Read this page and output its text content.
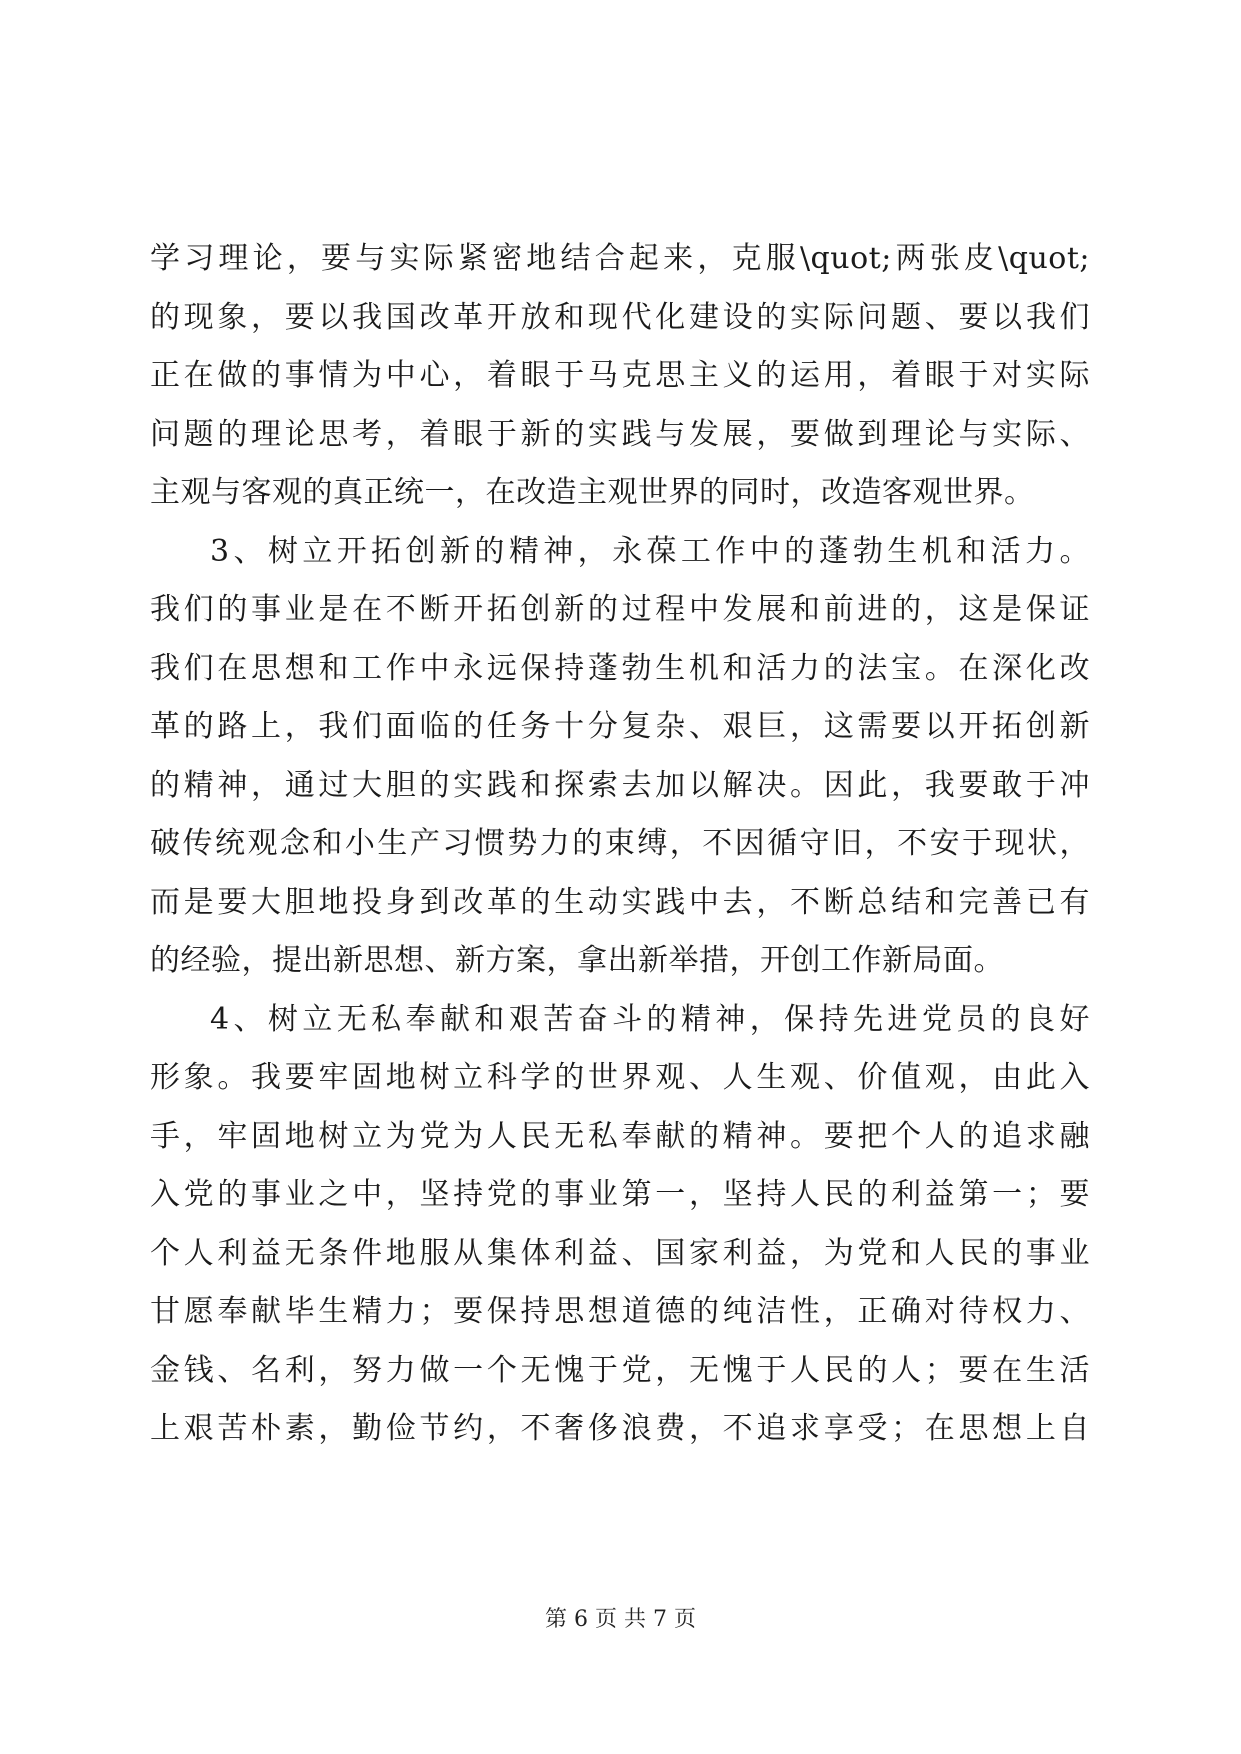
学习理论，要与实际紧密地结合起来，克服\quot;两张皮\quot;
的现象，要以我国改革开放和现代化建设的实际问题、要以我们
正在做的事情为中心，着眼于马克思主义的运用，着眼于对实际
问题的理论思考，着眼于新的实践与发展，要做到理论与实际、
主观与客观的真正统一，在改造主观世界的同时，改造客观世界。
3、树立开拓创新的精神，永葆工作中的蓬勃生机和活力。
我们的事业是在不断开拓创新的过程中发展和前进的，这是保证
我们在思想和工作中永远保持蓬勃生机和活力的法宝。在深化改
革的路上，我们面临的任务十分复杂、艰巨，这需要以开拓创新
的精神，通过大胆的实践和探索去加以解决。因此，我要敢于冲
破传统观念和小生产习惯势力的束缚，不因循守旧，不安于现状，
而是要大胆地投身到改革的生动实践中去，不断总结和完善已有
的经验，提出新思想、新方案，拿出新举措，开创工作新局面。
4、树立无私奉献和艰苦奋斗的精神，保持先进党员的良好
形象。我要牢固地树立科学的世界观、人生观、价值观，由此入
手，牢固地树立为党为人民无私奉献的精神。要把个人的追求融
入党的事业之中，坚持党的事业第一，坚持人民的利益第一；要
个人利益无条件地服从集体利益、国家利益，为党和人民的事业
甘愿奉献毕生精力；要保持思想道德的纯洁性，正确对待权力、
金钱、名利，努力做一个无愧于党，无愧于人民的人；要在生活
上艰苦朴素，勤俭节约，不奢侈浪费，不追求享受；在思想上自
第 6 页 共 7 页
